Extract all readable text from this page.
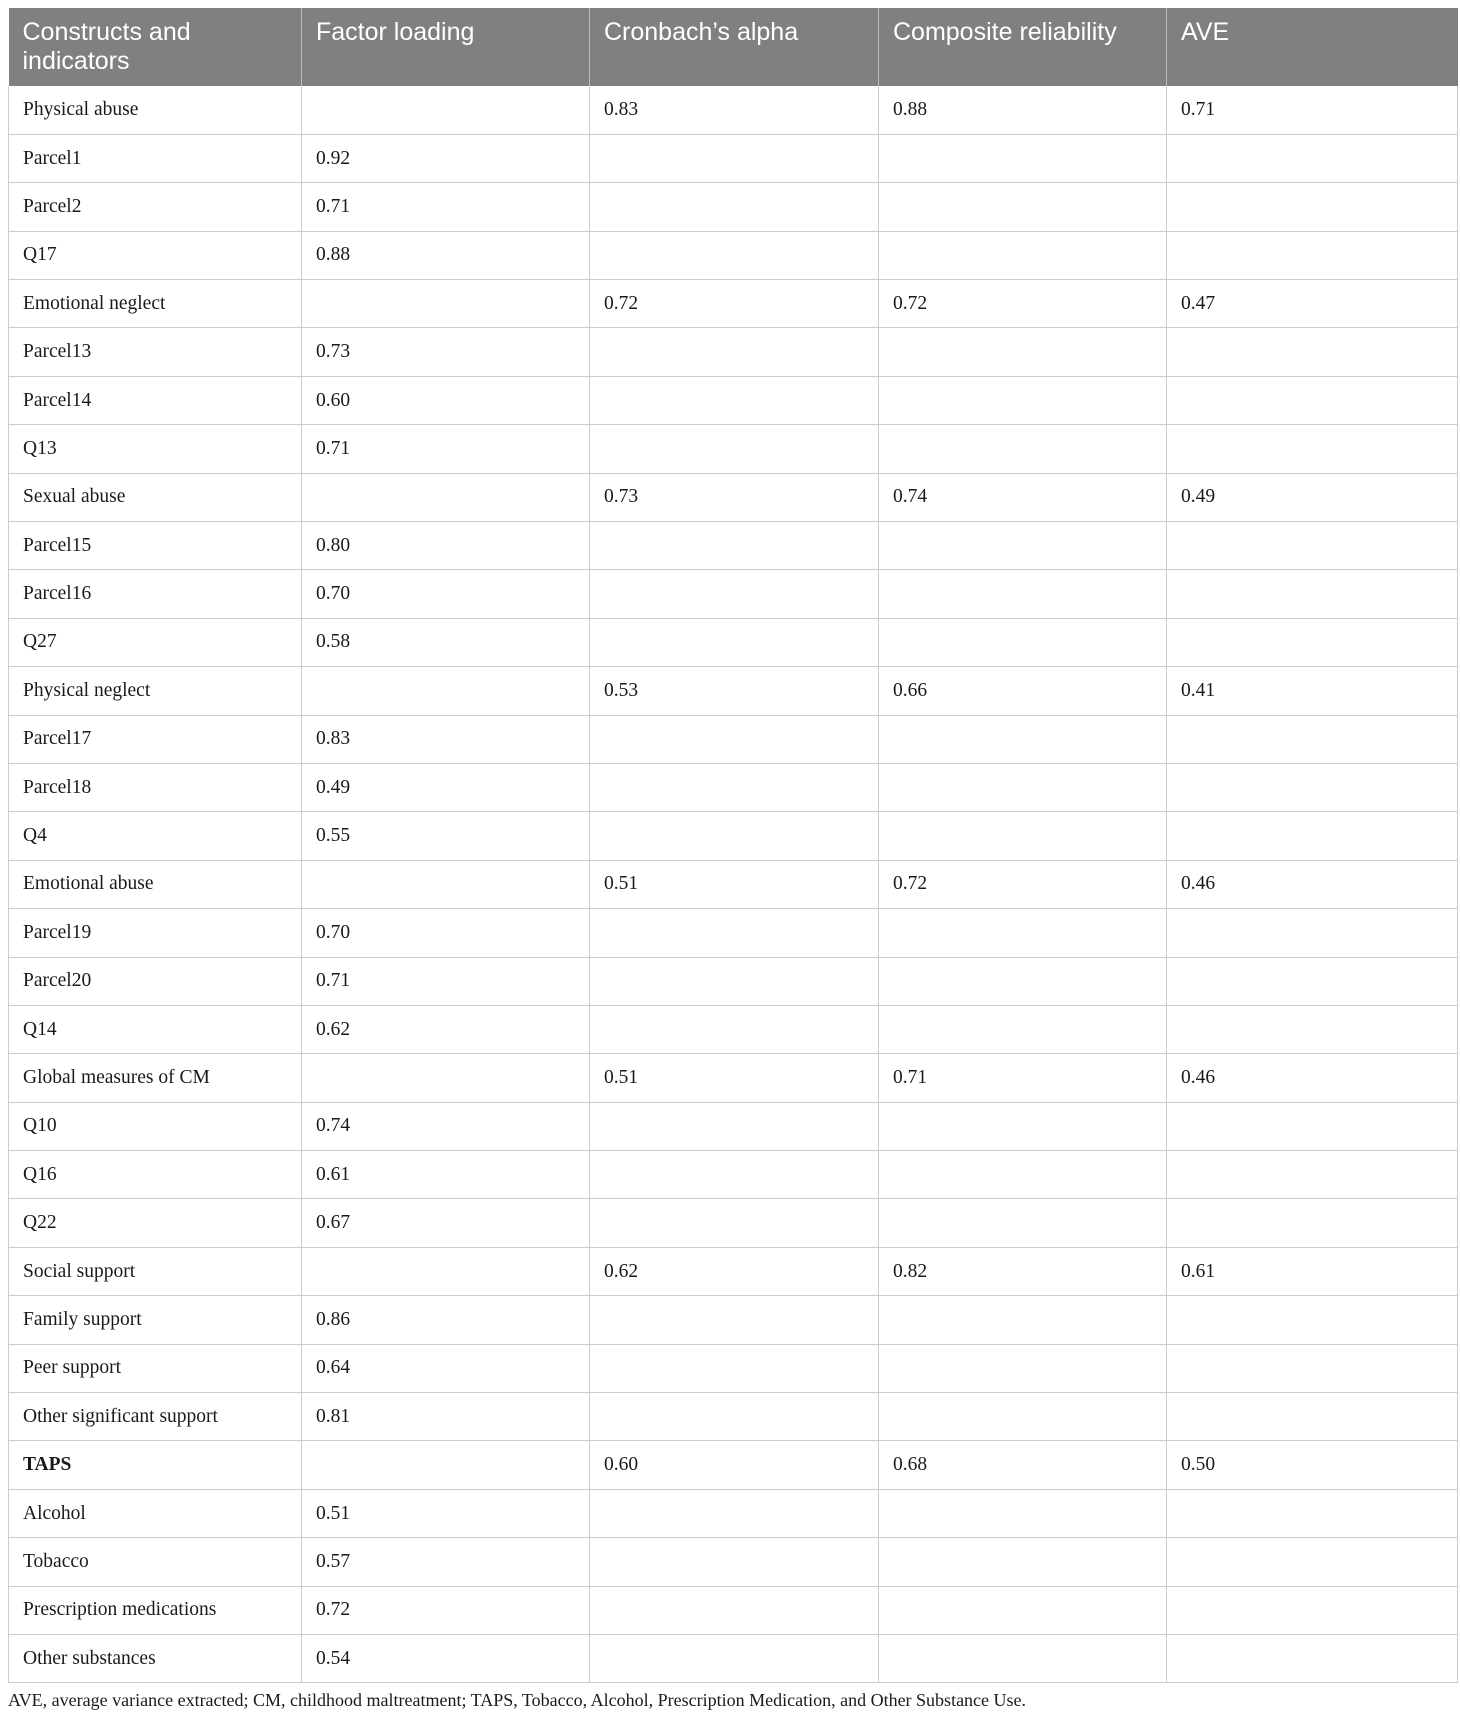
Constructs and indicators	Factor loading	Cronbach’s alpha	Composite reliability	AVE
Physical abuse		0.83	0.88	0.71
Parcel1	0.92			
Parcel2	0.71			
Q17	0.88			
Emotional neglect		0.72	0.72	0.47
Parcel13	0.73			
Parcel14	0.60			
Q13	0.71			
Sexual abuse		0.73	0.74	0.49
Parcel15	0.80			
Parcel16	0.70			
Q27	0.58			
Physical neglect		0.53	0.66	0.41
Parcel17	0.83			
Parcel18	0.49			
Q4	0.55			
Emotional abuse		0.51	0.72	0.46
Parcel19	0.70			
Parcel20	0.71			
Q14	0.62			
Global measures of CM		0.51	0.71	0.46
Q10	0.74			
Q16	0.61			
Q22	0.67			
Social support		0.62	0.82	0.61
Family support	0.86			
Peer support	0.64			
Other significant support	0.81			
TAPS		0.60	0.68	0.50
Alcohol	0.51			
Tobacco	0.57			
Prescription medications	0.72			
Other substances	0.54			
AVE, average variance extracted; CM, childhood maltreatment; TAPS, Tobacco, Alcohol, Prescription Medication, and Other Substance Use.
